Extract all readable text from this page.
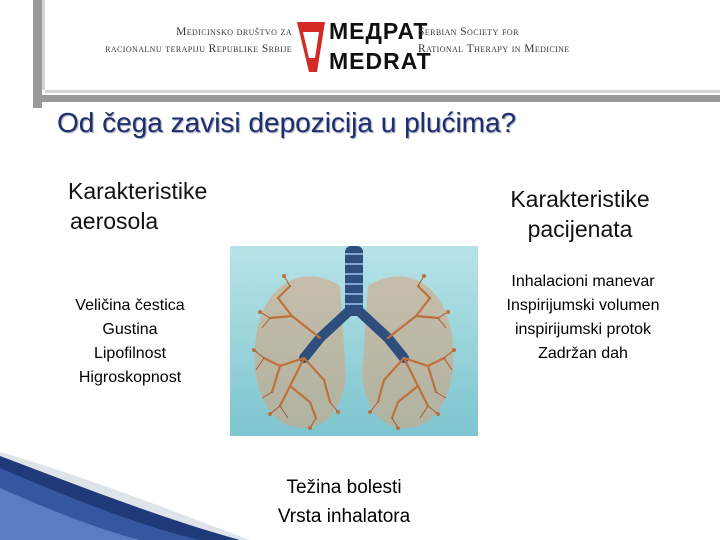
Medicinsko društvo za
racionalnu terapiju Republike Srbije
MEДPAT
MEDRAT
Serbian Society for
Rational Therapy in Medicine
Od čega zavisi depozicija u plućima?
Karakteristike
aerosola
Karakteristike
pacijenata
Veličina čestica
Gustina
Lipofilnost
Higroskopnost
Inhalacioni manevar
Inspirijumski volumen
inspirijumski protok
Zadržan dah
Težina bolesti
Vrsta inhalatora
